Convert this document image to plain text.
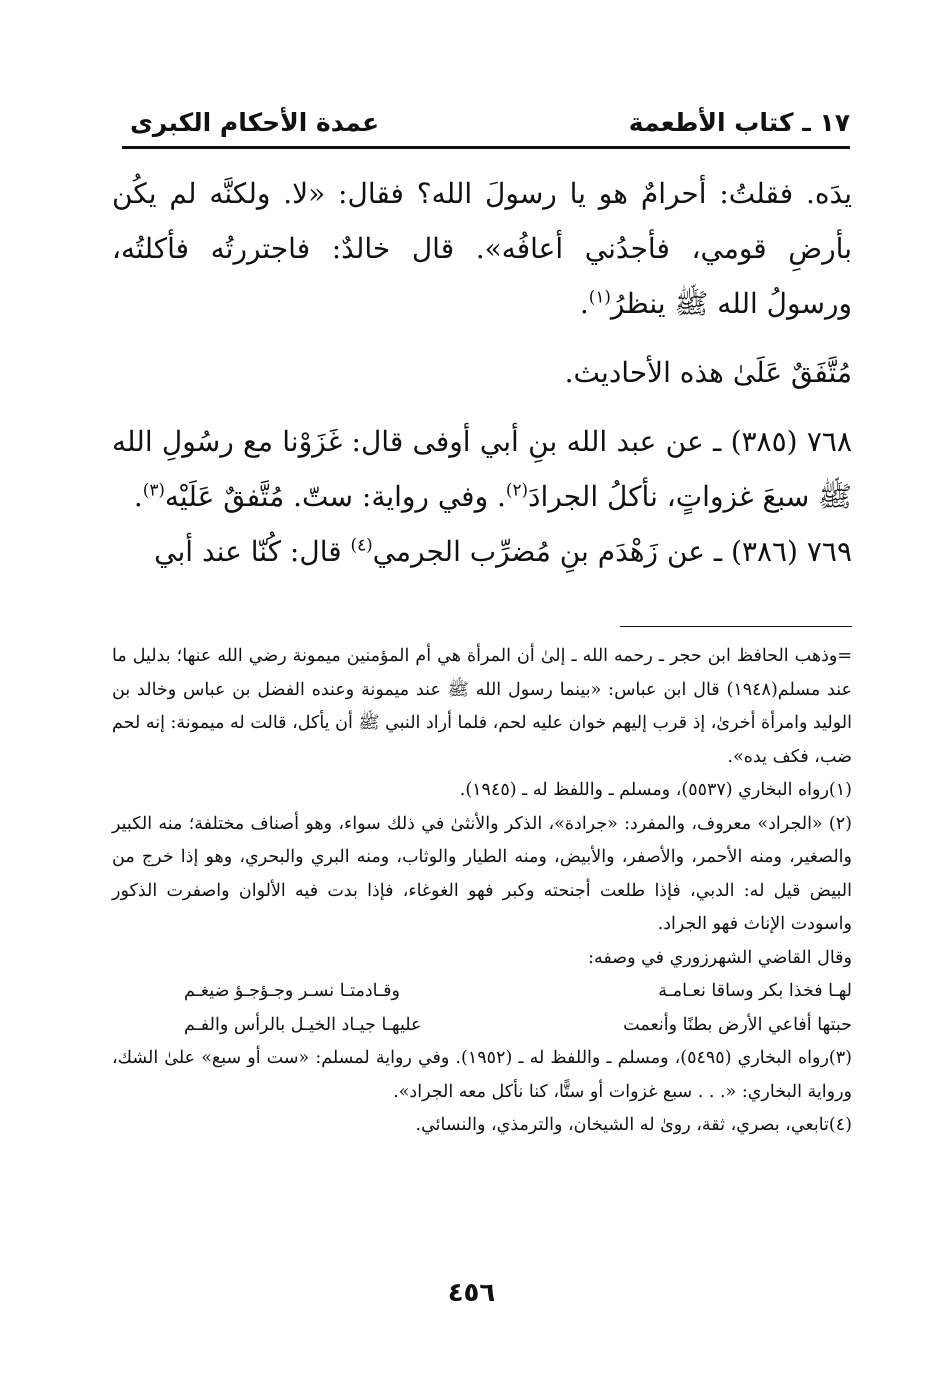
١٧ ـ كتاب الأطعمة
عمدة الأحكام الكبرى

يدَه. فقلتُ: أحرامٌ هو يا رسولَ الله؟ فقال: «لا. ولكنَّه لم يكُن بأرضِ قومي، فأجدُني أعافُه». قال خالدٌ: فاجتررتُه فأكلتُه، ورسولُ الله ﷺ ينظرُ$^{(١)}$.

مُتَّفَقٌ عَلَىٰ هذه الأحاديث.

٧٦٨ (٣٨٥) ـ عن عبد الله بنِ أبي أوفى قال: غَزَوْنا مع رسُولِ الله ﷺ سبعَ غزواتٍ، نأكلُ الجرادَ$^{(٢)}$. وفي رواية: ستّ. مُتَّفقٌ عَلَيْه$^{(٣)}$.

٧٦٩ (٣٨٦) ـ عن زَهْدَم بنِ مُضرِّب الجرمي$^{(٤)}$ قال: كُنّا عند أبي

=وذهب الحافظ ابن حجر ـ رحمه الله ـ إلىٰ أن المرأة هي أم المؤمنين ميمونة رضي الله عنها؛ بدليل ما عند مسلم(١٩٤٨) قال ابن عباس: «بينما رسول الله ﷺ عند ميمونة وعنده الفضل بن عباس وخالد بن الوليد وامرأة أخرىٰ، إذ قرب إليهم خوان عليه لحم، فلما أراد النبي ﷺ أن يأكل، قالت له ميمونة: إنه لحم ضب، فكف يده».

(١)رواه البخاري (٥٥٣٧)، ومسلم ـ واللفظ له ـ (١٩٤٥).

(٢) «الجراد» معروف، والمفرد: «جرادة»، الذكر والأنثىٰ في ذلك سواء، وهو أصناف مختلفة؛ منه الكبير والصغير، ومنه الأحمر، والأصفر، والأبيض، ومنه الطيار والوثاب، ومنه البري والبحري، وهو إذا خرج من البيض قيل له: الدبي، فإذا طلعت أجنحته وكبر فهو الغوغاء، فإذا بدت فيه الألوان واصفرت الذكور واسودت الإناث فهو الجراد.

وقال القاضي الشهرزوري في وصفه:

لهـا فخذا بكر وساقا نعـامـة
وقـادمتـا نسـر وجـؤجـؤ ضيغـم
حبتها أفاعي الأرض بطنًا وأنعمت
عليهـا جيـاد الخيـل بالرأس والفـم

(٣)رواه البخاري (٥٤٩٥)، ومسلم ـ واللفظ له ـ (١٩٥٢). وفي رواية لمسلم: «ست أو سبع» علىٰ الشك، ورواية البخاري: «. . . سبع غزوات أو ستًّا، كنا نأكل معه الجراد».

(٤)تابعي، بصري، ثقة، رویٰ له الشيخان، والترمذي، والنسائي.

٤٥٦
